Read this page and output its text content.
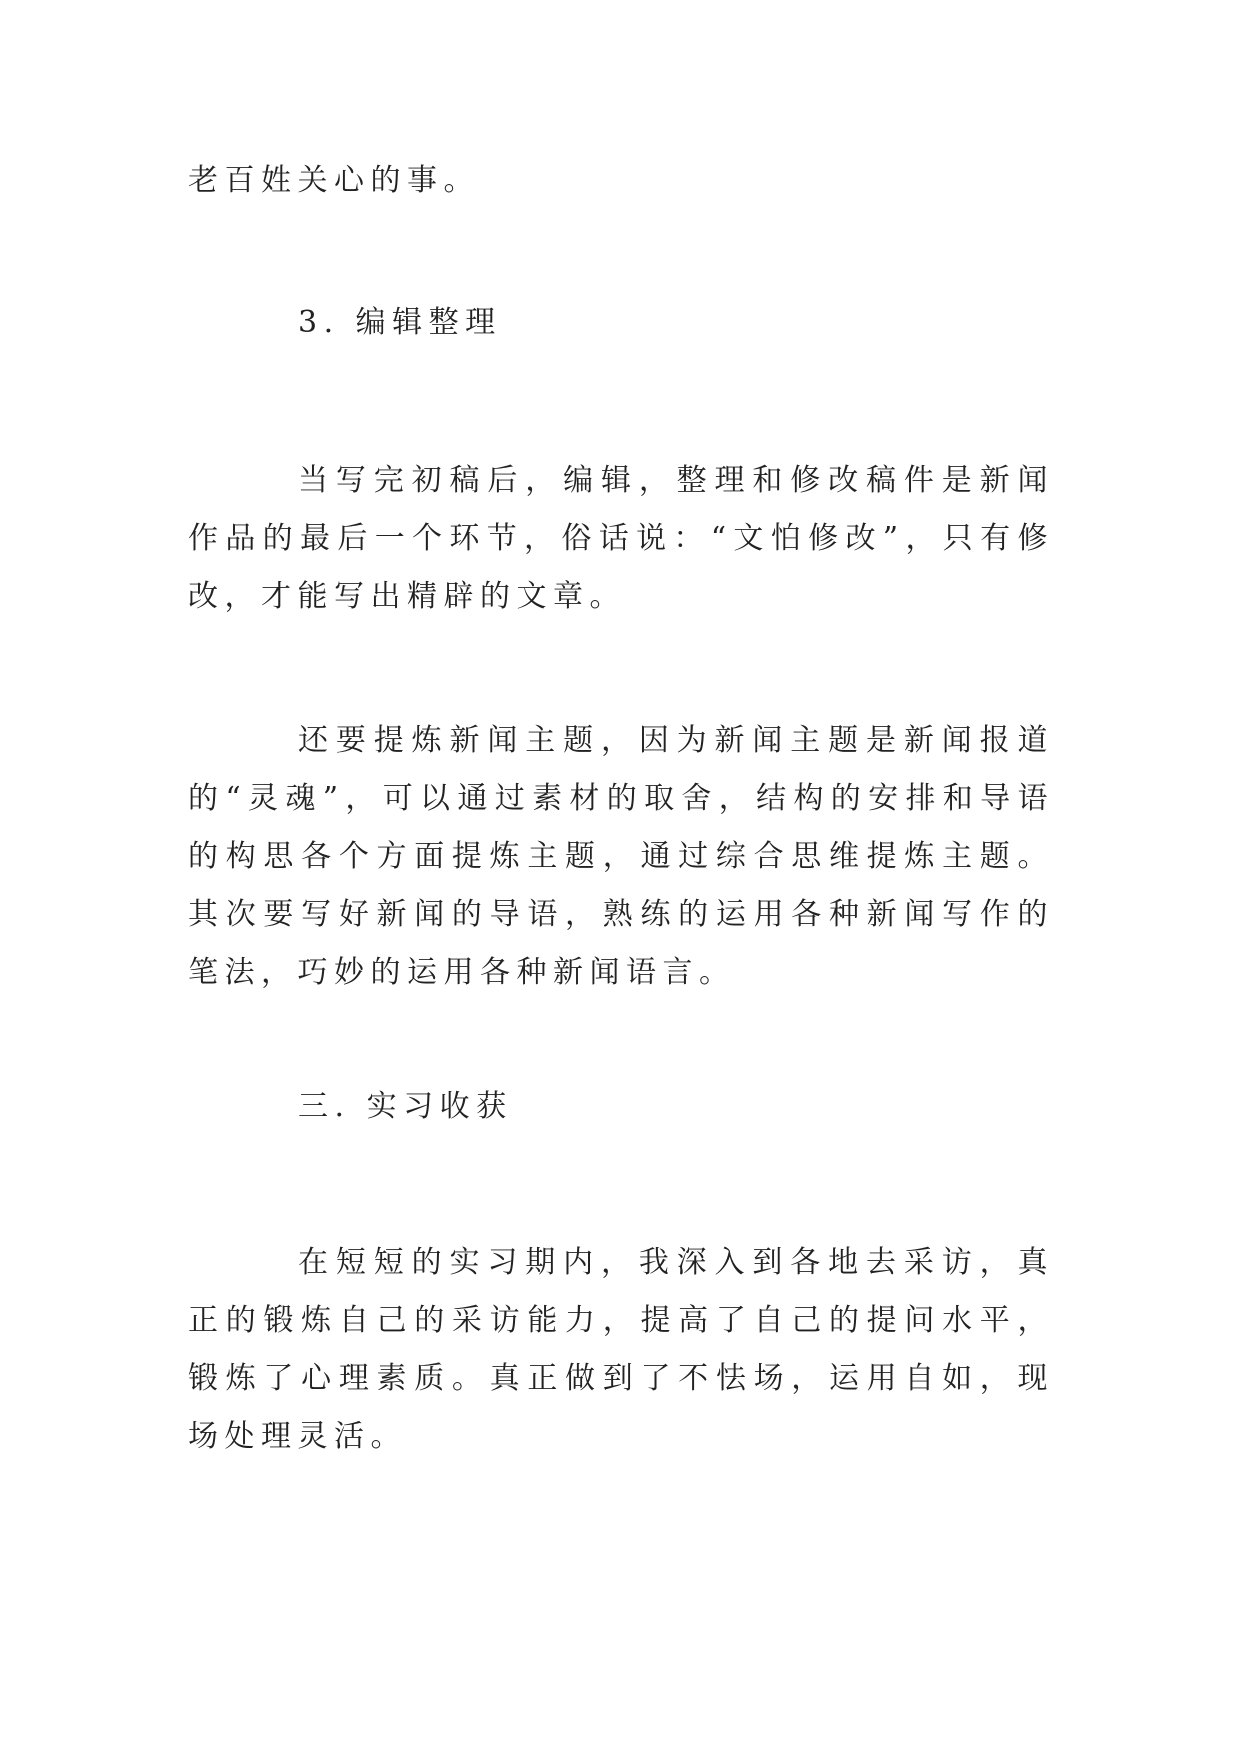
老百姓关心的事。

3. 编辑整理

当写完初稿后，编辑，整理和修改稿件是新闻作品的最后一个环节，俗话说：“文怕修改”，只有修改，才能写出精辟的文章。

还要提炼新闻主题，因为新闻主题是新闻报道的“灵魂”，可以通过素材的取舍，结构的安排和导语的构思各个方面提炼主题，通过综合思维提炼主题。其次要写好新闻的导语，熟练的运用各种新闻写作的笔法，巧妙的运用各种新闻语言。

三. 实习收获

在短短的实习期内，我深入到各地去采访，真正的锻炼自己的采访能力，提高了自己的提问水平，锻炼了心理素质。真正做到了不怯场，运用自如，现场处理灵活。
